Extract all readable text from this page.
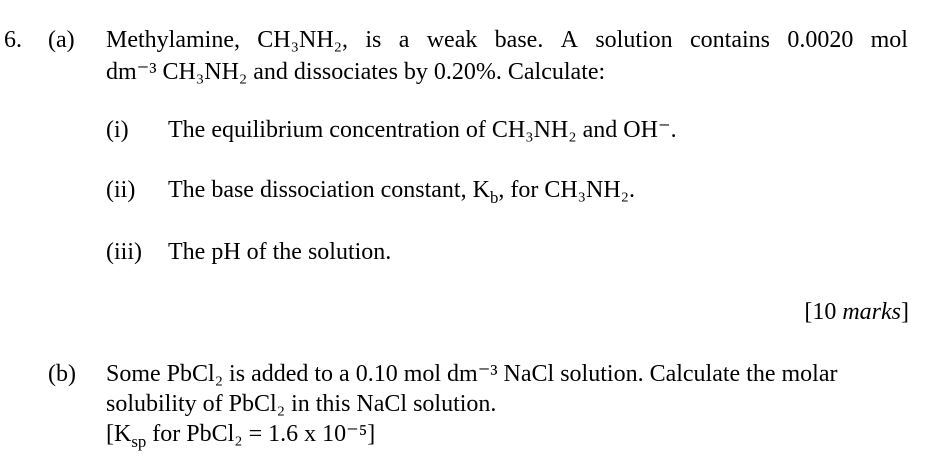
6. (a) Methylamine, CH₃NH₂, is a weak base. A solution contains 0.0020 mol
dm⁻³ CH₃NH₂ and dissociates by 0.20%. Calculate:
(i) The equilibrium concentration of CH₃NH₂ and OH⁻.
(ii) The base dissociation constant, $K_b$, for CH₃NH₂.
(iii) The pH of the solution.
[10 marks]
(b) Some PbCl₂ is added to a 0.10 mol dm⁻³ NaCl solution. Calculate the molar
solubility of PbCl₂ in this NaCl solution.
[$K_{sp}$ for PbCl₂ = 1.6 x 10⁻⁵]
